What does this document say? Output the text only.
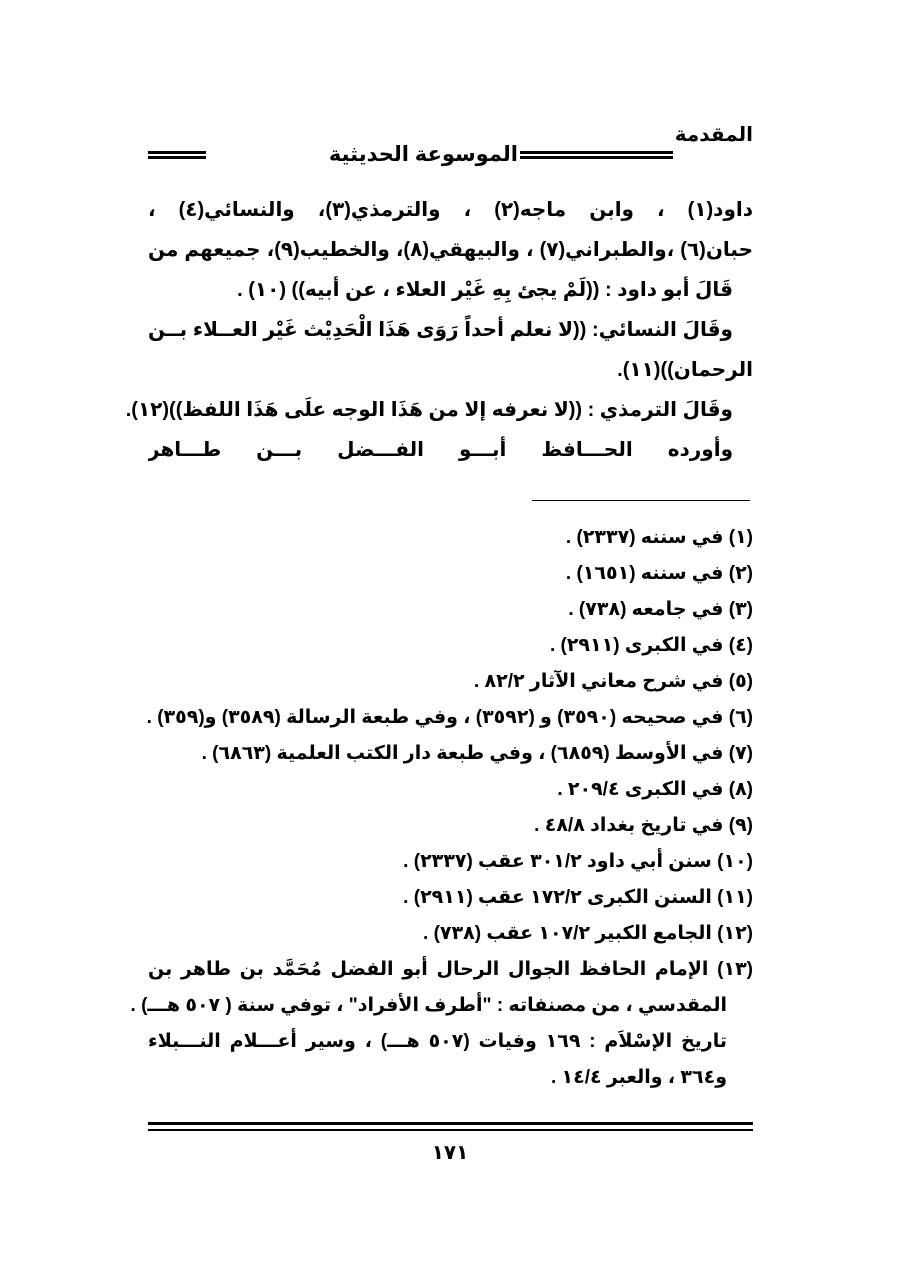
المقدمة
الموسوعة الحديثية
داود(١) ، وابن ماجه(٢) ، والترمذي(٣)، والنسائي(٤) ،
حبان(٦) ،والطبراني(٧) ، والبيهقي(٨)، والخطيب(٩)، جميعهم من
قَالَ أبو داود : ((لَمْ يجئ بِهِ غَيْر العلاء ، عن أبيه)) (١٠) .
وقَالَ النسائي: ((لا نعلم أحداً رَوَى هَذَا الْحَدِيْث غَيْر العــلاء بــن
الرحمان))(١١).
وقَالَ الترمذي : ((لا نعرفه إلا من هَذَا الوجه علَى هَذَا اللفظ))(١٢).
وأورده الحـــافظ أبـــو الفـــضل بـــن طـــاهر
(١) في سننه (٢٣٣٧) .
(٢) في سننه (١٦٥١) .
(٣) في جامعه (٧٣٨) .
(٤) في الكبرى (٢٩١١) .
(٥) في شرح معاني الآثار ٨٢/٢ .
(٦) في صحيحه (٣٥٩٠) و (٣٥٩٢) ، وفي طبعة الرسالة (٣٥٨٩) و(٣٥٩) .
(٧) في الأوسط (٦٨٥٩) ، وفي طبعة دار الكتب العلمية (٦٨٦٣) .
(٨) في الكبرى ٢٠٩/٤ .
(٩) في تاريخ بغداد ٤٨/٨ .
(١٠) سنن أبي داود ٣٠١/٢ عقب (٢٣٣٧) .
(١١) السنن الكبرى ١٧٢/٢ عقب (٢٩١١) .
(١٢) الجامع الكبير ١٠٧/٢ عقب (٧٣٨) .
(١٣) الإمام الحافظ الجوال الرحال أبو الفضل مُحَمَّد بن طاهر بن
المقدسي ، من مصنفاته : "أطرف الأفراد" ، توفي سنة ( ٥٠٧ هـــ) .
تاريخ الإسْلاَم : ١٦٩ وفيات (٥٠٧ هـــ) ، وسير أعـــلام النـــبلاء
و٣٦٤ ، والعبر ١٤/٤ .
١٧١
